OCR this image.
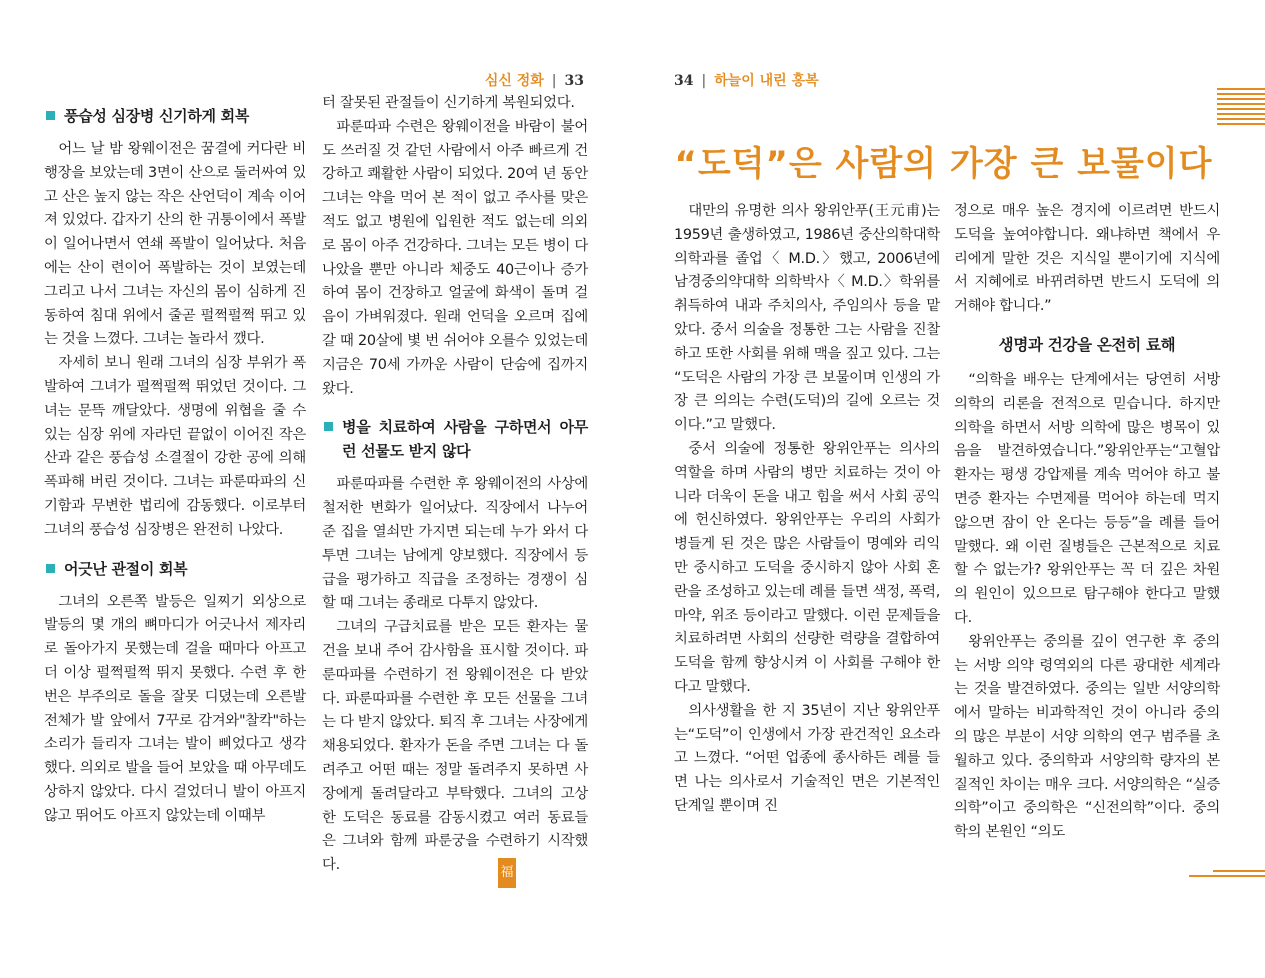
심신 정화 | 33
풍습성 심장병 신기하게 회복

어느 날 밤 왕웨이전은 꿈결에 커다란 비행장을 보았는데 3면이 산으로 둘러싸여 있고 산은 높지 않는 작은 산언덕이 계속 이어져 있었다. 갑자기 산의 한 귀퉁이에서 폭발이 일어나면서 연쇄 폭발이 일어났다. 처음에는 산이 련이어 폭발하는 것이 보였는데 그리고 나서 그녀는 자신의 몸이 심하게 진동하여 침대 위에서 줄곧 펄쩍펄쩍 뛰고 있는 것을 느꼈다. 그녀는 놀라서 깼다.

자세히 보니 원래 그녀의 심장 부위가 폭발하여 그녀가 펄쩍펄쩍 뛰었던 것이다. 그녀는 문뜩 깨달았다. 생명에 위협을 줄 수 있는 심장 위에 자라던 끝없이 이어진 작은 산과 같은 풍습성 소결절이 강한 공에 의해 폭파해 버린 것이다. 그녀는 파룬따파의 신기함과 무변한 법리에 감동했다. 이로부터 그녀의 풍습성 심장병은 완전히 나았다.

어긋난 관절이 회복

그녀의 오른쪽 발등은 일찌기 외상으로 발등의 몇 개의 뼈마디가 어긋나서 제자리로 돌아가지 못했는데 걸을 때마다 아프고 더 이상 펄쩍펄쩍 뛰지 못했다. 수련 후 한 번은 부주의로 돌을 잘못 디뎠는데 오른발 전체가 발 앞에서 7꾸로 감겨와"찰칵"하는 소리가 들리자 그녀는 발이 삐었다고 생각했다. 의외로 발을 들어 보았을 때 아무데도 상하지 않았다. 다시 걸었더니 발이 아프지 않고 뛰어도 아프지 않았는데 이때부

터 잘못된 관절들이 신기하게 복원되었다.

파룬따파 수련은 왕웨이전을 바람이 불어도 쓰러질 것 같던 사람에서 아주 빠르게 건강하고 쾌활한 사람이 되었다. 20여 년 동안 그녀는 약을 먹어 본 적이 없고 주사를 맞은 적도 없고 병원에 입원한 적도 없는데 의외로 몸이 아주 건강하다. 그녀는 모든 병이 다 나았을 뿐만 아니라 체중도 40근이나 증가하여 몸이 건장하고 얼굴에 화색이 돌며 걸음이 가벼워졌다. 원래 언덕을 오르며 집에 갈 때 20살에 볓 번 쉬어야 오를수 있었는데 지금은 70세 가까운 사람이 단숨에 집까지 왔다.

병을 치료하여 사람을 구하면서 아무런 선물도 받지 않다

파룬따파를 수련한 후 왕웨이전의 사상에 철저한 변화가 일어났다. 직장에서 나누어준 집을 열쇠만 가지면 되는데 누가 와서 다투면 그녀는 남에게 양보했다. 직장에서 등급을 평가하고 직급을 조정하는 경쟁이 심할 때 그녀는 종래로 다투지 않았다.

그녀의 구급치료를 받은 모든 환자는 물건을 보내 주어 감사함을 표시할 것이다. 파룬따파를 수련하기 전 왕웨이전은 다 받았다. 파룬따파를 수련한 후 모든 선물을 그녀는 다 받지 않았다. 퇴직 후 그녀는 사장에게 채용되었다. 환자가 돈을 주면 그녀는 다 돌려주고 어떤 때는 정말 돌려주지 못하면 사장에게 돌려달라고 부탁했다. 그녀의 고상한 도덕은 동료를 감동시켰고 여러 동료들은 그녀와 함께 파룬궁을 수련하기 시작했다.	福
34 | 하늘이 내린 홍복
“도덕”은 사람의 가장 큰 보물이다

대만의 유명한 의사 왕위안푸(王元甫)는 1959년 출생하였고, 1986년 중산의학대학 의학과를 졸업〈 M.D.〉했고, 2006년에 남경중의약대학 의학박사〈 M.D.〉학위를 취득하여 내과 주치의사, 주임의사 등을 맡았다. 중서 의술을 정통한 그는 사람을 진찰하고 또한 사회를 위해 맥을 짚고 있다. 그는 “도덕은 사람의 가장 큰 보물이며 인생의 가장 큰 의의는 수련(도덕)의 길에 오르는 것이다.”고 말했다.

중서 의술에 정통한 왕위안푸는 의사의 역할을 하며 사람의 병만 치료하는 것이 아니라 더욱이 돈을 내고 힘을 써서 사회 공익에 헌신하였다. 왕위안푸는 우리의 사회가 병들게 된 것은 많은 사람들이 명예와 리익만 중시하고 도덕을 중시하지 않아 사회 혼란을 조성하고 있는데 례를 들면 색정, 폭력, 마약, 위조 등이라고 말했다. 이런 문제들을 치료하려면 사회의 선량한 력량을 결합하여 도덕을 함께 향상시켜 이 사회를 구해야 한다고 말했다.

의사생활을 한 지 35년이 지난 왕위안푸는“도덕”이 인생에서 가장 관건적인 요소라고 느꼈다. “어떤 업종에 종사하든 례를 들면 나는 의사로서 기술적인 면은 기본적인 단계일 뿐이며 진

정으로 매우 높은 경지에 이르려면 반드시 도덕을 높여야합니다. 왜냐하면 책에서 우리에게 말한 것은 지식일 뿐이기에 지식에서 지혜에로 바뀌려하면 반드시 도덕에 의거해야 합니다.”

생명과 건강을 온전히 료해

“의학을 배우는 단계에서는 당연히 서방의학의 리론을 전적으로 믿습니다. 하지만 의학을 하면서 서방 의학에 많은 병목이 있음을 발견하였습니다.”왕위안푸는“고혈압 환자는 평생 강압제를 계속 먹어야 하고 불면증 환자는 수면제를 먹어야 하는데 먹지 않으면 잠이 안 온다는 등등”을 례를 들어 말했다. 왜 이런 질병들은 근본적으로 치료할 수 없는가? 왕위안푸는 꼭 더 깊은 차원의 원인이 있으므로 탐구해야 한다고 말했다.

왕위안푸는 중의를 깊이 연구한 후 중의는 서방 의약 령역외의 다른 광대한 세계라는 것을 발견하였다. 중의는 일반 서양의학에서 말하는 비과학적인 것이 아니라 중의의 많은 부분이 서양 의학의 연구 범주를 초월하고 있다. 중의학과 서양의학 량자의 본질적인 차이는 매우 크다. 서양의학은 “실증의학”이고 중의학은 “신전의학”이다. 중의학의 본원인 “의도
